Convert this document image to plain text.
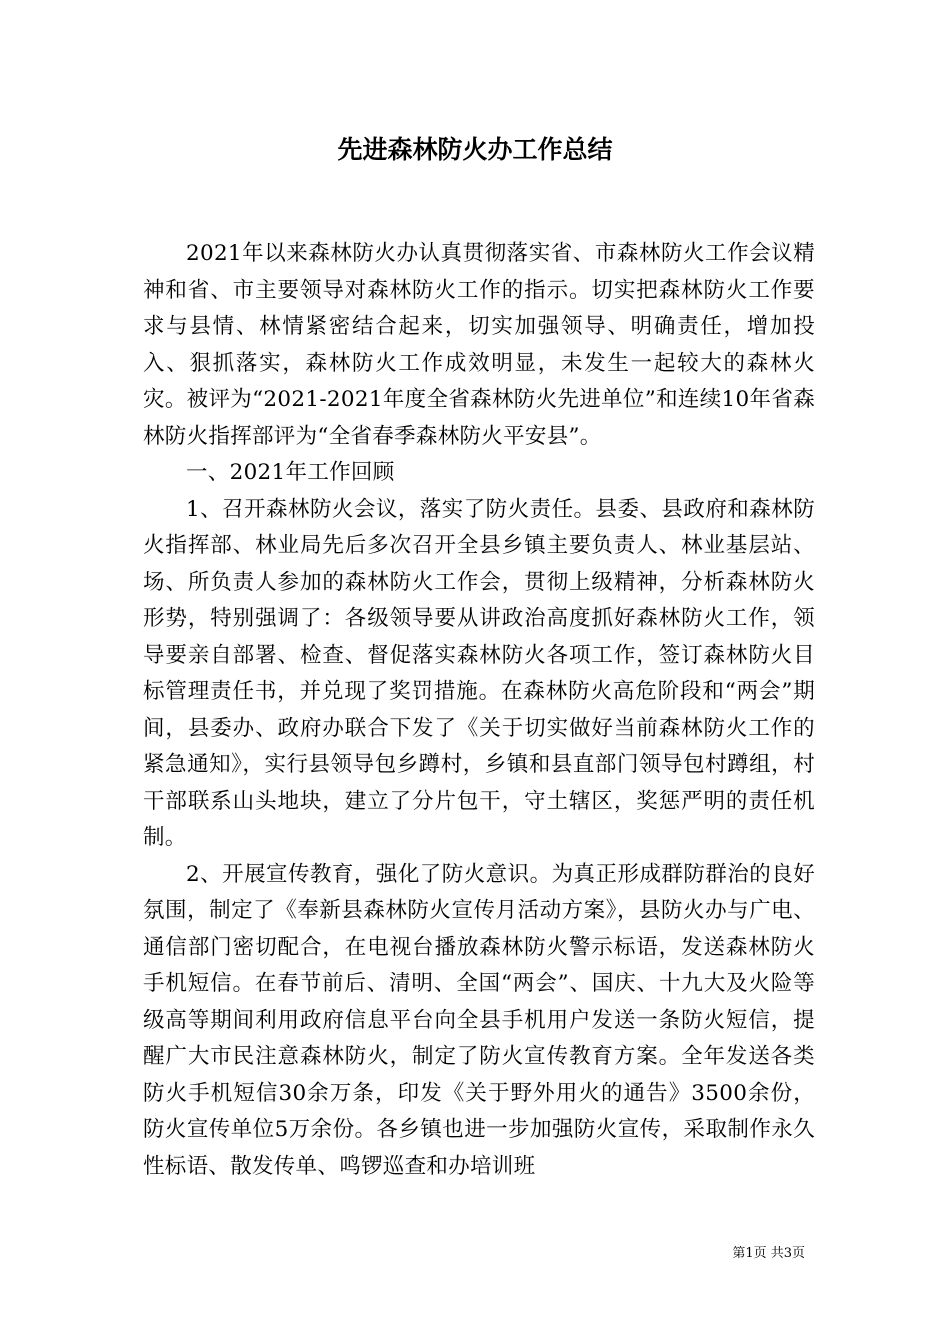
先进森林防火办工作总结

2021年以来森林防火办认真贯彻落实省、市森林防火工作会议精神和省、市主要领导对森林防火工作的指示。切实把森林防火工作要求与县情、林情紧密结合起来，切实加强领导、明确责任，增加投入、狠抓落实，森林防火工作成效明显，未发生一起较大的森林火灾。被评为“2021-2021年度全省森林防火先进单位”和连续10年省森林防火指挥部评为“全省春季森林防火平安县”。

一、2021年工作回顾

1、召开森林防火会议，落实了防火责任。县委、县政府和森林防火指挥部、林业局先后多次召开全县乡镇主要负责人、林业基层站、场、所负责人参加的森林防火工作会，贯彻上级精神，分析森林防火形势，特别强调了：各级领导要从讲政治高度抓好森林防火工作，领导要亲自部署、检查、督促落实森林防火各项工作，签订森林防火目标管理责任书，并兑现了奖罚措施。在森林防火高危阶段和“两会”期间，县委办、政府办联合下发了《关于切实做好当前森林防火工作的紧急通知》，实行县领导包乡蹲村，乡镇和县直部门领导包村蹲组，村干部联系山头地块，建立了分片包干，守土辖区，奖惩严明的责任机制。

2、开展宣传教育，强化了防火意识。为真正形成群防群治的良好氛围，制定了《奉新县森林防火宣传月活动方案》，县防火办与广电、通信部门密切配合，在电视台播放森林防火警示标语，发送森林防火手机短信。在春节前后、清明、全国“两会”、国庆、十九大及火险等级高等期间利用政府信息平台向全县手机用户发送一条防火短信，提醒广大市民注意森林防火，制定了防火宣传教育方案。全年发送各类防火手机短信30余万条，印发《关于野外用火的通告》3500余份，防火宣传单位5万余份。各乡镇也进一步加强防火宣传，采取制作永久性标语、散发传单、鸣锣巡查和办培训班

第1页 共3页
